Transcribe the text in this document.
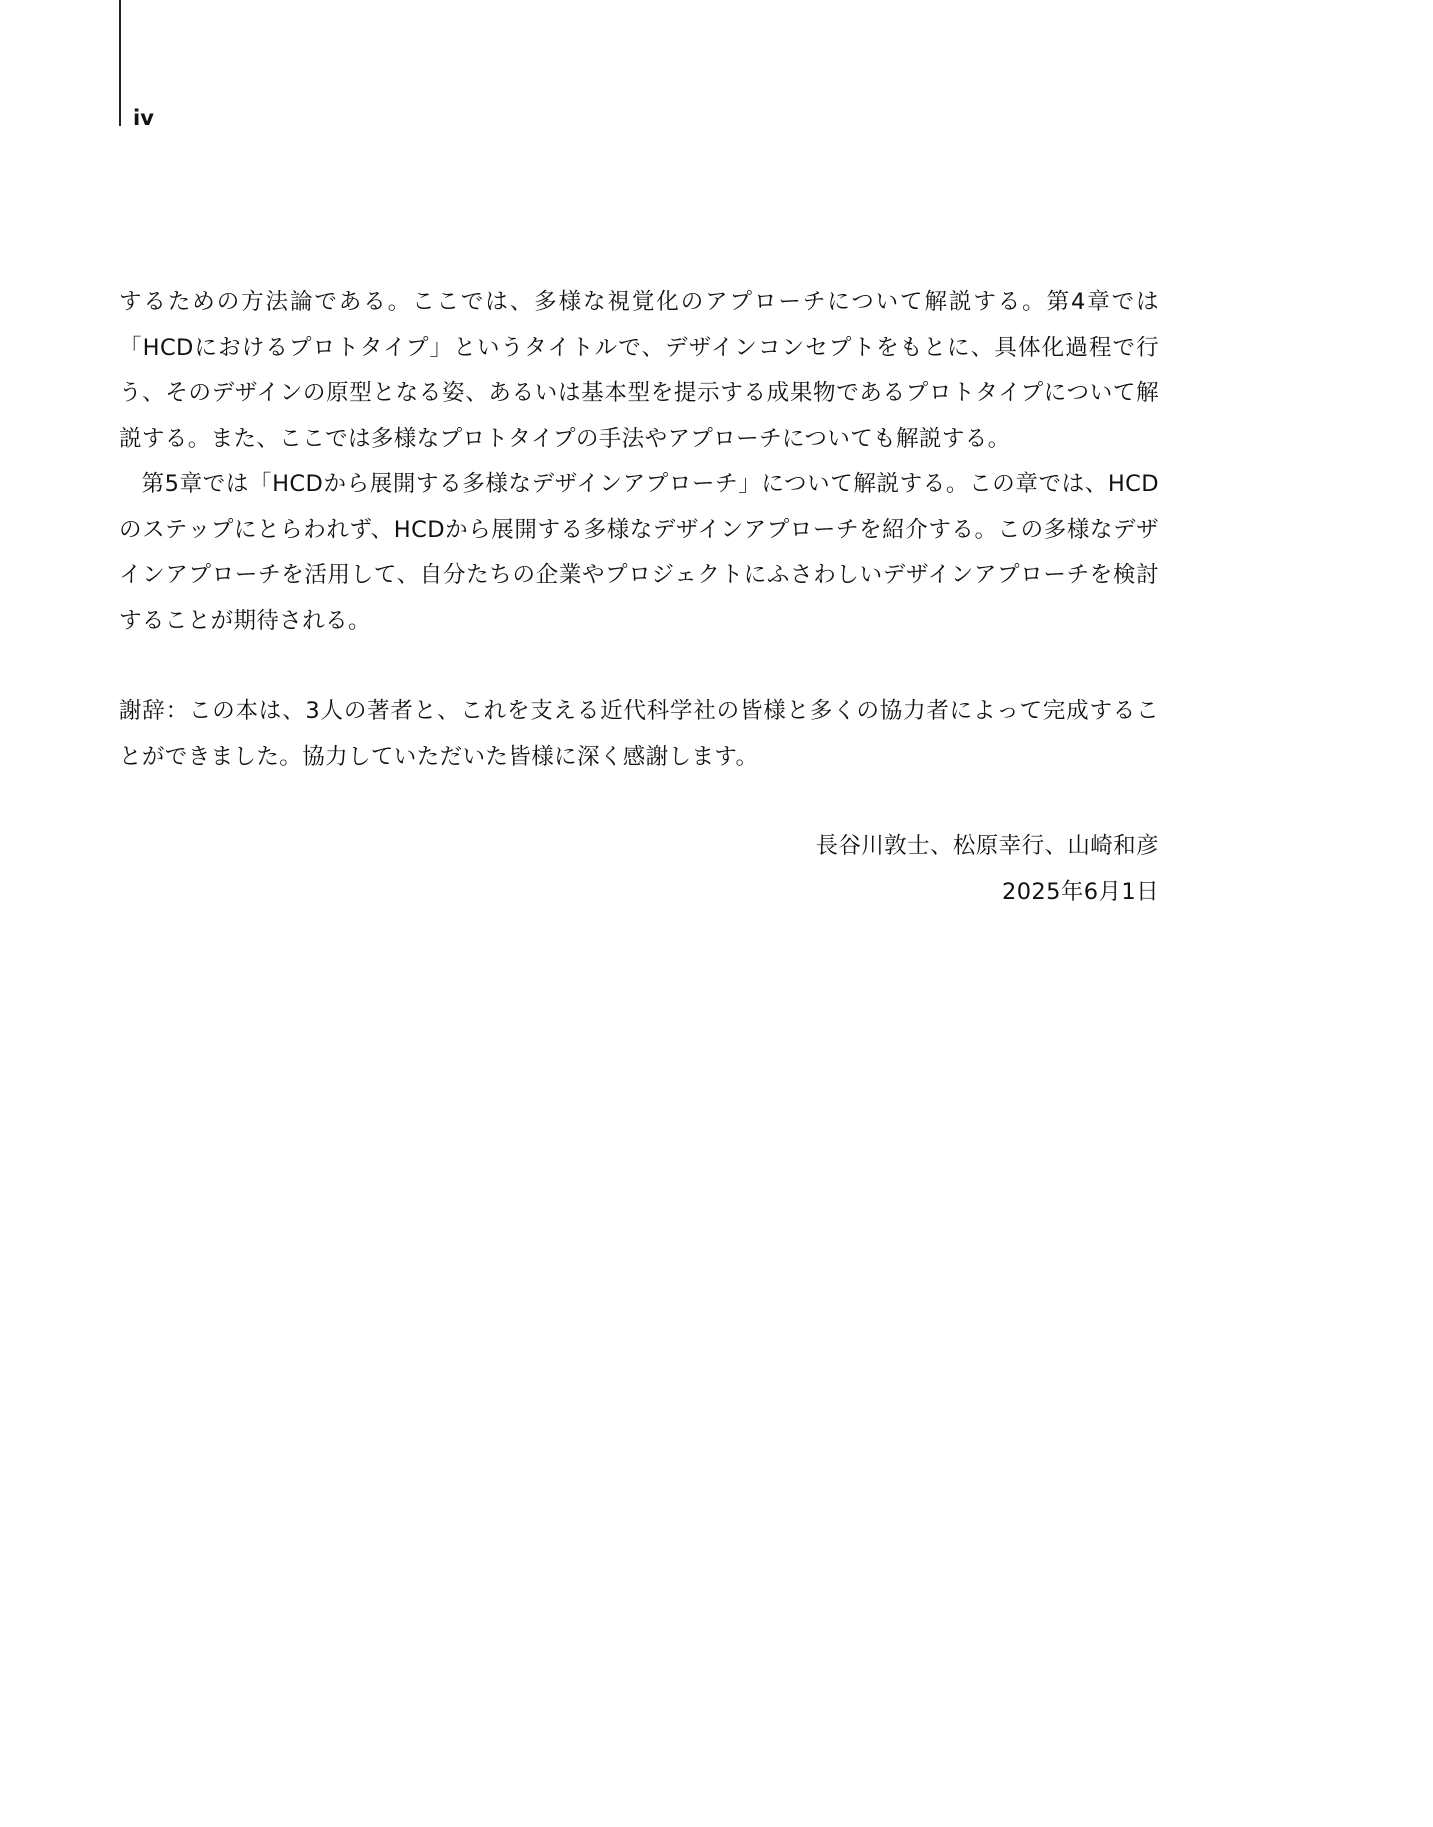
iv

するための方法論である。ここでは、多様な視覚化のアプローチについて解説する。第4章では「HCDにおけるプロトタイプ」というタイトルで、デザインコンセプトをもとに、具体化過程で行う、そのデザインの原型となる姿、あるいは基本型を提示する成果物であるプロトタイプについて解説する。また、ここでは多様なプロトタイプの手法やアプローチについても解説する。

第5章では「HCDから展開する多様なデザインアプローチ」について解説する。この章では、HCDのステップにとらわれず、HCDから展開する多様なデザインアプローチを紹介する。この多様なデザインアプローチを活用して、自分たちの企業やプロジェクトにふさわしいデザインアプローチを検討することが期待される。

謝辞：この本は、3人の著者と、これを支える近代科学社の皆様と多くの協力者によって完成することができました。協力していただいた皆様に深く感謝します。

長谷川敦士、松原幸行、山崎和彦
2025年6月1日
